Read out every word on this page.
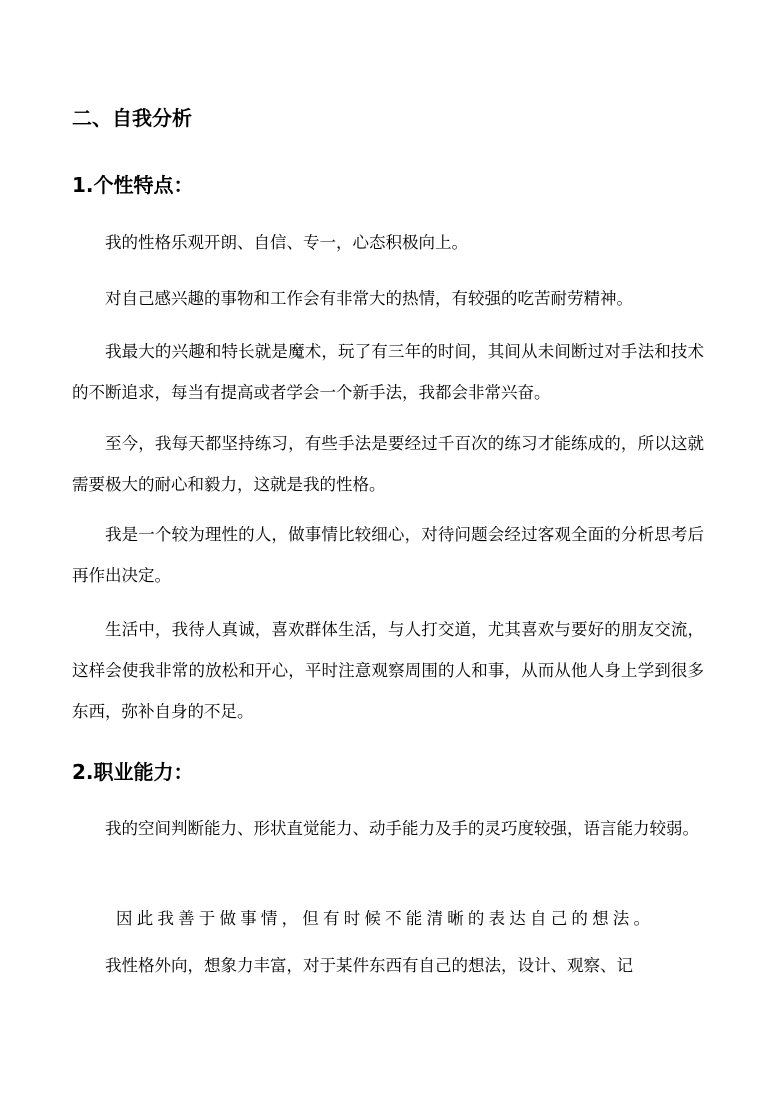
二、自我分析
1.个性特点：

我的性格乐观开朗、自信、专一，心态积极向上。

对自己感兴趣的事物和工作会有非常大的热情，有较强的吃苦耐劳精神。

我最大的兴趣和特长就是魔术，玩了有三年的时间，其间从未间断过对手法和技术的不断追求，每当有提高或者学会一个新手法，我都会非常兴奋。

至今，我每天都坚持练习，有些手法是要经过千百次的练习才能练成的，所以这就需要极大的耐心和毅力，这就是我的性格。

我是一个较为理性的人，做事情比较细心，对待问题会经过客观全面的分析思考后再作出决定。

生活中，我待人真诚，喜欢群体生活，与人打交道，尤其喜欢与要好的朋友交流，这样会使我非常的放松和开心，平时注意观察周围的人和事，从而从他人身上学到很多东西，弥补自身的不足。

2.职业能力：

我的空间判断能力、形状直觉能力、动手能力及手的灵巧度较强，语言能力较弱。

因此我善于做事情，但有时候不能清晰的表达自己的想法。

我性格外向，想象力丰富，对于某件东西有自己的想法，设计、观察、记
